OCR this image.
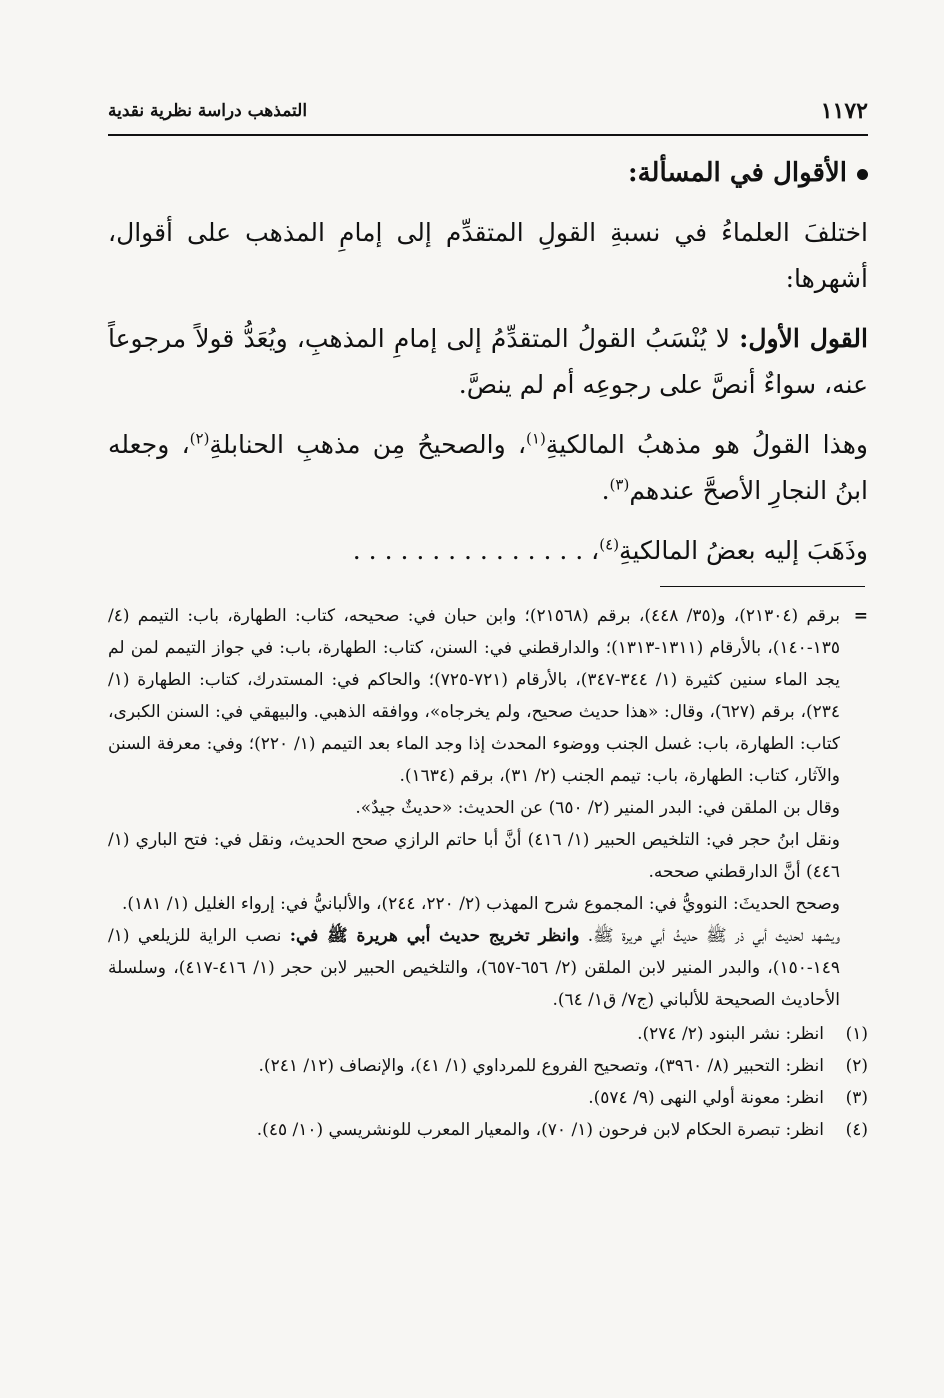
١١٧٢
التمذهب دراسة نظرية نقدية

الأقوال في المسألة:

اختلفَ العلماءُ في نسبةِ القولِ المتقدِّم إلى إمامِ المذهب على أقوال، أشهرها:

القول الأول: لا يُنْسَبُ القولُ المتقدِّمُ إلى إمامِ المذهبِ، ويُعَدُّ قولاً مرجوعاً عنه، سواءٌ أنصَّ على رجوعِه أم لم ينصَّ.

وهذا القولُ هو مذهبُ المالكيةِ$^{(١)}$، والصحيحُ مِن مذهبِ الحنابلةِ$^{(٢)}$، وجعله ابنُ النجارِ الأصحَّ عندهم$^{(٣)}$.

وذَهَبَ إليه بعضُ المالكيةِ$^{(٤)}$، . . . . . . . . . . . . . . .

=

برقم (٢١٣٠٤)، و(٣٥/ ٤٤٨)، برقم (٢١٥٦٨)؛ وابن حبان في: صحيحه، كتاب: الطهارة، باب: التيمم (٤/ ١٣٥-١٤٠)، بالأرقام (١٣١١-١٣١٣)؛ والدارقطني في: السنن، كتاب: الطهارة، باب: في جواز التيمم لمن لم يجد الماء سنين كثيرة (١/ ٣٤٤-٣٤٧)، بالأرقام (٧٢١-٧٢٥)؛ والحاكم في: المستدرك، كتاب: الطهارة (١/ ٢٣٤)، برقم (٦٢٧)، وقال: «هذا حديث صحيح، ولم يخرجاه»، ووافقه الذهبي. والبيهقي في: السنن الكبرى، كتاب: الطهارة، باب: غسل الجنب ووضوء المحدث إذا وجد الماء بعد التيمم (١/ ٢٢٠)؛ وفي: معرفة السنن والآثار، كتاب: الطهارة، باب: تيمم الجنب (٢/ ٣١)، برقم (١٦٣٤).

وقال بن الملقن في: البدر المنير (٢/ ٦٥٠) عن الحديث: «حديثٌ جيدٌ».

ونقل ابنُ حجر في: التلخيص الحبير (١/ ٤١٦) أنَّ أبا حاتم الرازي صحح الحديث، ونقل في: فتح الباري (١/ ٤٤٦) أنَّ الدارقطني صححه.

وصحح الحديثَ: النوويُّ في: المجموع شرح المهذب (٢/ ٢٢٠، ٢٤٤)، والألبانيُّ في: إرواء الغليل (١/ ١٨١).

ويشهد لحديث أبي ذر ﷺ حديثُ أبي هريرة ﷺ. وانظر تخريج حديث أبي هريرة ﷺ في: نصب الراية للزيلعي (١/ ١٤٩-١٥٠)، والبدر المنير لابن الملقن (٢/ ٦٥٦-٦٥٧)، والتلخيص الحبير لابن حجر (١/ ٤١٦-٤١٧)، وسلسلة الأحاديث الصحيحة للألباني (ج٧/ ق١/ ٦٤).

(١)
انظر: نشر البنود (٢/ ٢٧٤).
(٢)
انظر: التحبير (٨/ ٣٩٦٠)، وتصحيح الفروع للمرداوي (١/ ٤١)، والإنصاف (١٢/ ٢٤١).
(٣)
انظر: معونة أولي النهى (٩/ ٥٧٤).
(٤)
انظر: تبصرة الحكام لابن فرحون (١/ ٧٠)، والمعيار المعرب للونشريسي (١٠/ ٤٥).
